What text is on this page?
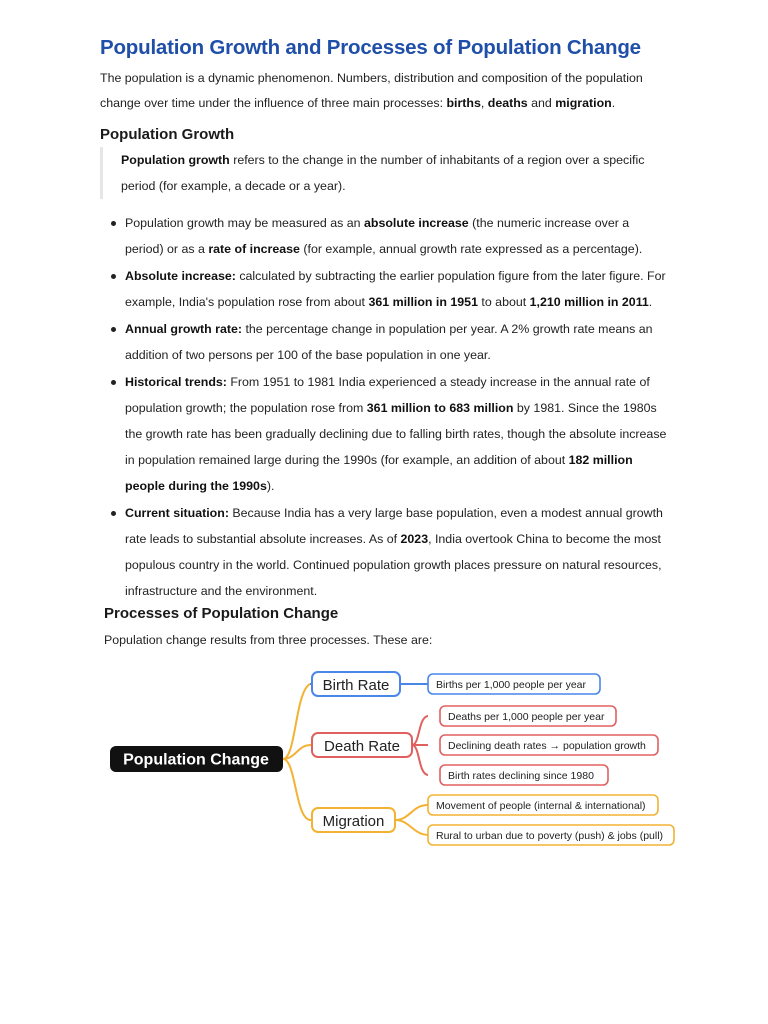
Population Growth and Processes of Population Change

The population is a dynamic phenomenon. Numbers, distribution and composition of the population change over time under the influence of three main processes: births, deaths and migration.

Population Growth
Population growth refers to the change in the number of inhabitants of a region over a specific period (for example, a decade or a year).
Population growth may be measured as an absolute increase (the numeric increase over a period) or as a rate of increase (for example, annual growth rate expressed as a percentage).
Absolute increase: calculated by subtracting the earlier population figure from the later figure. For example, India's population rose from about 361 million in 1951 to about 1,210 million in 2011.
Annual growth rate: the percentage change in population per year. A 2% growth rate means an addition of two persons per 100 of the base population in one year.
Historical trends: From 1951 to 1981 India experienced a steady increase in the annual rate of population growth; the population rose from 361 million to 683 million by 1981. Since the 1980s the growth rate has been gradually declining due to falling birth rates, though the absolute increase in population remained large during the 1990s (for example, an addition of about 182 million people during the 1990s).
Current situation: Because India has a very large base population, even a modest annual growth rate leads to substantial absolute increases. As of 2023, India overtook China to become the most populous country in the world. Continued population growth places pressure on natural resources, infrastructure and the environment.
Processes of Population Change

Population change results from three processes. These are:

Population Change
Birth Rate
Death Rate
Migration
Births per 1,000 people per year
Deaths per 1,000 people per year
Declining death rates → population growth
Birth rates declining since 1980
Movement of people (internal & international)
Rural to urban due to poverty (push) & jobs (pull)
